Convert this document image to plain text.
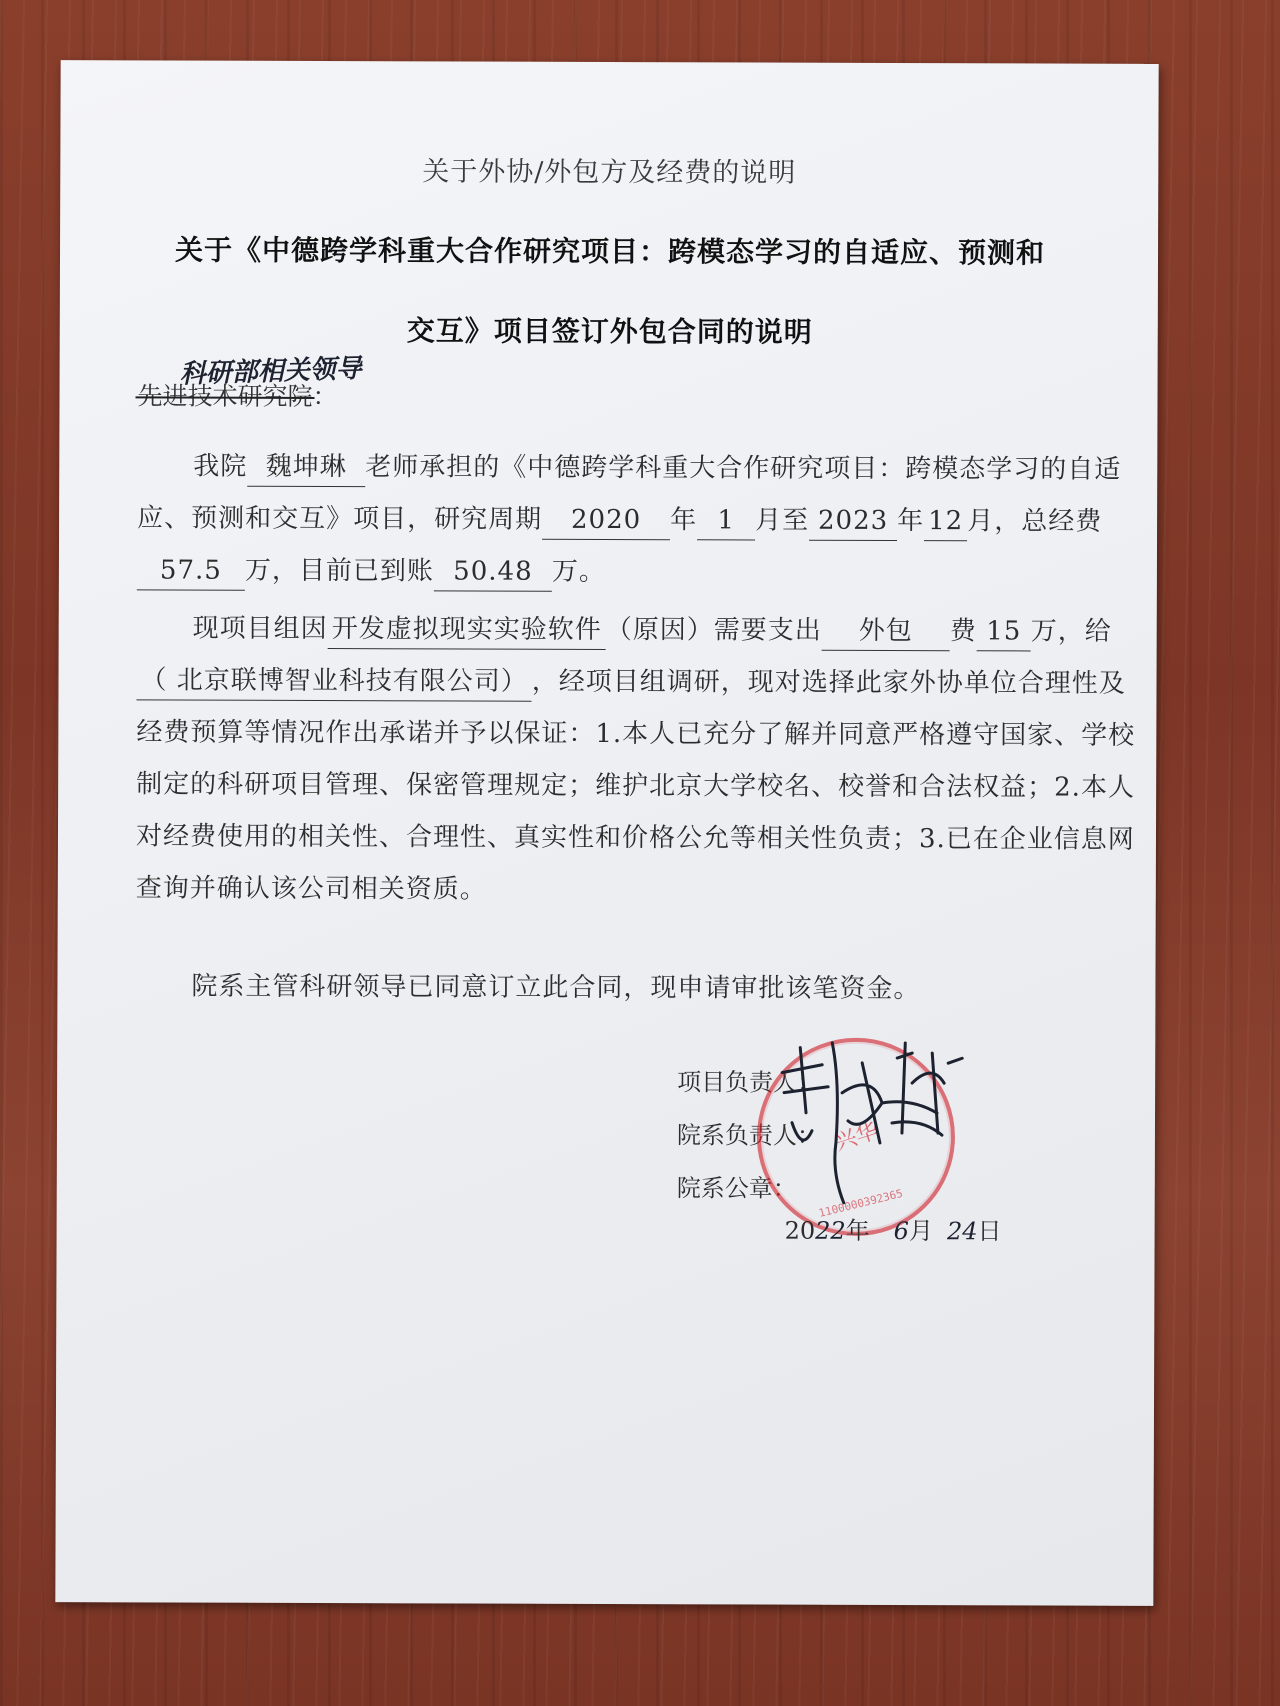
关于外协/外包方及经费的说明
关于《中德跨学科重大合作研究项目：跨模态学习的自适应、预测和
交互》项目签订外包合同的说明
科研部相关领导
先进技术研究院：
我院 魏坤琳 老师承担的《中德跨学科重大合作研究项目：跨模态学习的自适应、预测和交互》项目，研究周期 2020 年 1 月至 2023 年 12 月，总经费57.5 万，目前已到账 50.48 万。
现项目组因 开发虚拟现实实验软件 （原因）需要支出 外包 费 15 万，给（ 北京联博智业科技有限公司） ，经项目组调研，现对选择此家外协单位合理性及经费预算等情况作出承诺并予以保证：1.本人已充分了解并同意严格遵守国家、学校制定的科研项目管理、保密管理规定；维护北京大学校名、校誉和合法权益；2.本人对经费使用的相关性、合理性、真实性和价格公允等相关性负责；3.已在企业信息网查询并确认该公司相关资质。
院系主管科研领导已同意订立此合同，现申请审批该笔资金。
项目负责人：
院系负责人：
院系公章：
兴华
1100000392365
2022年 6月 24日
